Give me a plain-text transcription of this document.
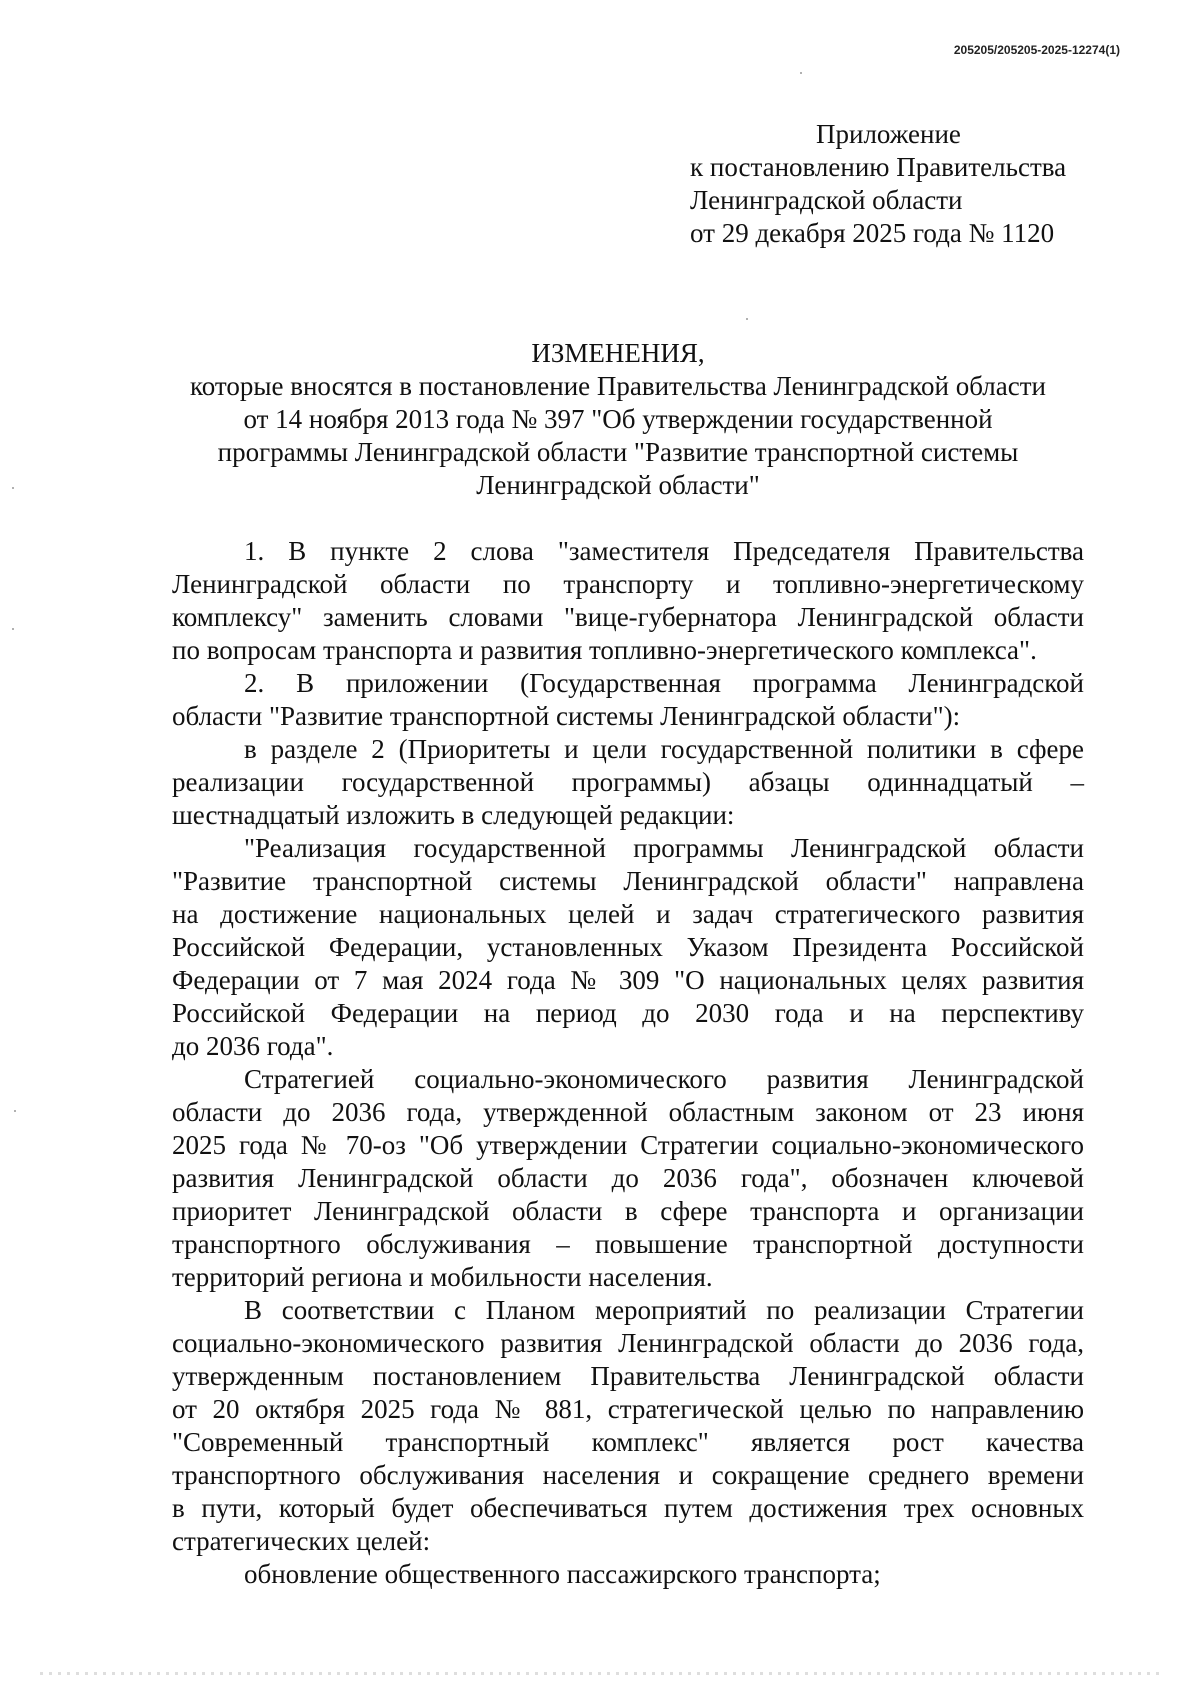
205205/205205-2025-12274(1)
Приложение
к постановлению Правительства
Ленинградской области
от 29 декабря 2025 года № 1120
ИЗМЕНЕНИЯ,
которые вносятся в постановление Правительства Ленинградской области
от 14 ноября 2013 года № 397 "Об утверждении государственной
программы Ленинградской области "Развитие транспортной системы
Ленинградской области"
1. В пункте 2 слова "заместителя Председателя Правительства
Ленинградской области по транспорту и топливно-энергетическому
комплексу" заменить словами "вице-губернатора Ленинградской области
по вопросам транспорта и развития топливно-энергетического комплекса".
2. В приложении (Государственная программа Ленинградской
области "Развитие транспортной системы Ленинградской области"):
в разделе 2 (Приоритеты и цели государственной политики в сфере
реализации государственной программы) абзацы одиннадцатый –
шестнадцатый изложить в следующей редакции:
"Реализация государственной программы Ленинградской области
"Развитие транспортной системы Ленинградской области" направлена
на достижение национальных целей и задач стратегического развития
Российской Федерации, установленных Указом Президента Российской
Федерации от 7 мая 2024 года № 309 "О национальных целях развития
Российской Федерации на период до 2030 года и на перспективу
до 2036 года".
Стратегией социально-экономического развития Ленинградской
области до 2036 года, утвержденной областным законом от 23 июня
2025 года № 70-оз "Об утверждении Стратегии социально-экономического
развития Ленинградской области до 2036 года", обозначен ключевой
приоритет Ленинградской области в сфере транспорта и организации
транспортного обслуживания – повышение транспортной доступности
территорий региона и мобильности населения.
В соответствии с Планом мероприятий по реализации Стратегии
социально-экономического развития Ленинградской области до 2036 года,
утвержденным постановлением Правительства Ленинградской области
от 20 октября 2025 года № 881, стратегической целью по направлению
"Современный транспортный комплекс" является рост качества
транспортного обслуживания населения и сокращение среднего времени
в пути, который будет обеспечиваться путем достижения трех основных
стратегических целей:
обновление общественного пассажирского транспорта;
